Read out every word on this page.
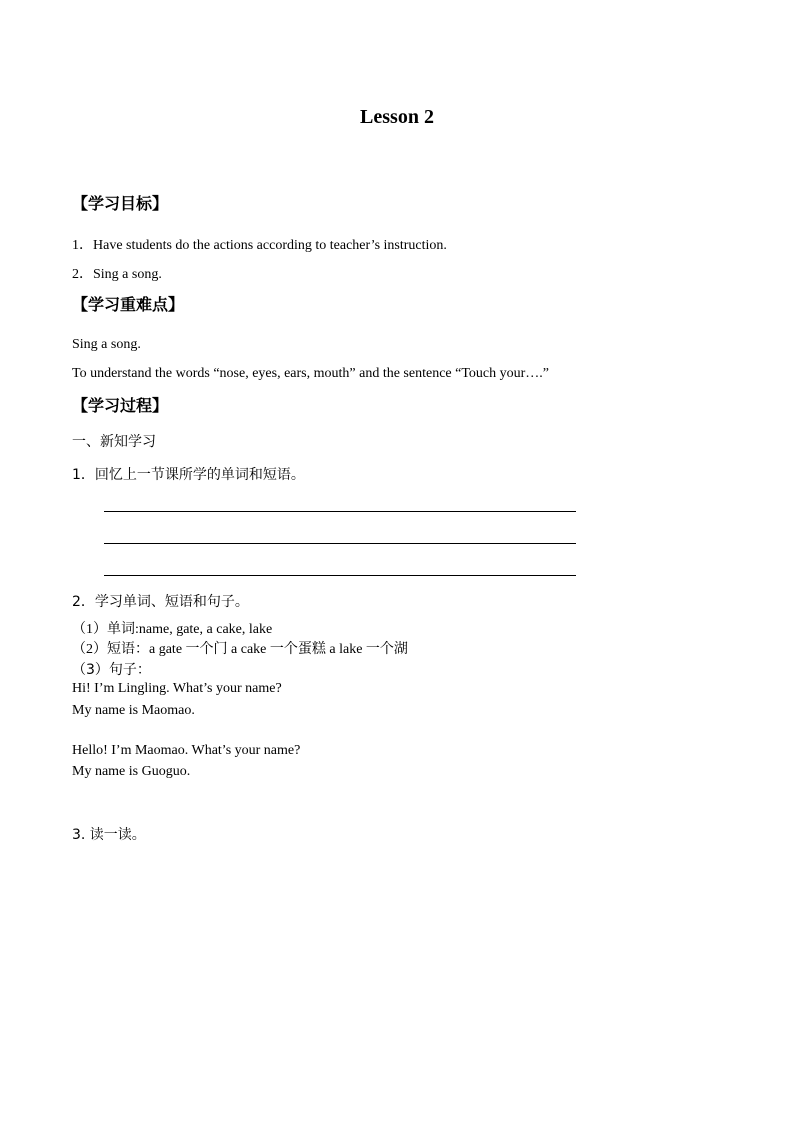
Lesson 2
【学习目标】
1．Have students do the actions according to teacher’s instruction.
2．Sing a song.
【学习重难点】
Sing a song.
To understand the words “nose, eyes, ears, mouth” and the sentence “Touch your….”
【学习过程】
一、新知学习
1．回忆上一节课所学的单词和短语。
2．学习单词、短语和句子。
（1）单词:name, gate, a cake, lake
（2）短语：a gate 一个门 a cake 一个蛋糕 a lake 一个湖
（3）句子：
Hi! I’m Lingling. What’s your name?
My name is Maomao.
Hello! I’m Maomao. What’s your name?
My name is Guoguo.
3. 读一读。
